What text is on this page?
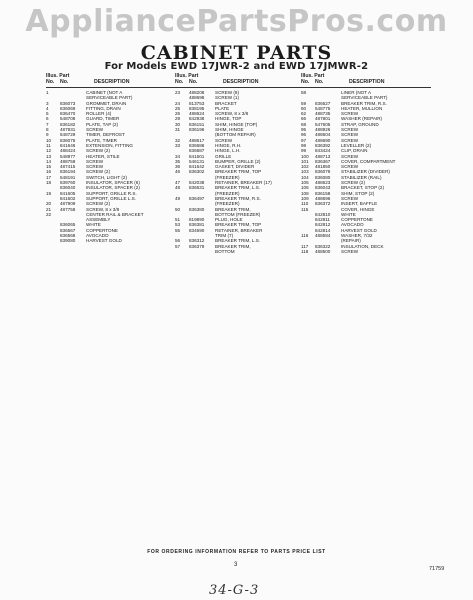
AppliancePartsPros.com
CABINET PARTS
For Models EWD 17JWR-2 and EWD 17JMWR-2
Illus. Part
No. No.	DESCRIPTION
1	CABINET (NOT A
SERVICEABLE PART)
3	836073	GROMMET, DRAIN
4	836069	FITTING, DRAIN
5	836470	ROLLER (4)
6	548708	GUARD, TIMER
7	836182	PLATE, TAP (2)
8	487931	SCREW
9	548729	TIMER, DEFROST
10	836075	PLATE, TIMER
11	841646	EXTENSION, FITTING
12	488424	SCREW (2)
13	548977	HEATER, STILE
14	488759	SCREW
15	487415	SCREW
16	836194	SCREW (2)
17	548191	SWITCH, LIGHT (2)
18	839760	INSULATOR, SPACER (6)
836040	INSULATOR, SPACER (2)
19	841605	SUPPORT, GRILLE R.S.
841602	SUPPORT, GRILLE L.S.
20	487909	SCREW (2)
21	487758	SCREW, 8 x 3/8
22	CENTER RAIL & BRACKET
ASSEMBLY
836065	WHITE
836567	COPPERTONE
836568	AVOCADO
839080	HARVEST GOLD
Illus. Part
No. No.	DESCRIPTION
23	488208	SCREW (8)
488698	SCREW (1)
24	813753	BRACKET
25	838195	PLATE
26	488624	SCREW, 8 x 3/8
29	842938	HINGE, TOP
30	836151	SHIM, HINGE (TOP)
31	836196	SHIM, HINGE
(BOTTOM REPAIR)
32	488617	SCREW
33	836686	HINGE, R.H.
836687	HINGE, L.H.
34	841601	GRILLE
35	546131	BUMPER, GRILLE (2)
36	841642	GASKET, DIVIDER
46	836302	BREAKER TRIM, TOP
(FREEZER)
47	842038	RETAINER, BREAKER (17)
48	836631	BREAKER TRIM, L.S.
(FREEZER)
49	836497	BREAKER TRIM, R.S.
(FREEZER)
50	836380	BREAKER TRIM,
BOTTOM (FREEZER)
51	819890	PLUG, HOLE
53	836381	BREAKER TRIM, TOP
55	834690	RETAINER, BREAKER
TRIM (7)
56	836312	BREAKER TRIM, L.S.
57	836379	BREAKER TRIM,
BOTTOM
Illus. Part
No. No.	DESCRIPTION
58	LINER (NOT A
SERVICEABLE PART)
59	836627	BREAKER TRIM, R.S.
60	548775	HEATER, MULLION
62	488735	SCREW
66	487801	WASHER (REPAIR)
68	547605	STRAP, GROUND
95	488926	SCREW
96	488604	SCREW
97	488690	SCREW
98	836392	LEVELLER (2)
99	843424	CLIP, DRAIN
100	488713	SCREW
101	836367	COVER, COMPARTMENT
102	481850	SCREW
103	836079	STABILIZER (DIVIDER)
104	836080	STABILIZER (RAIL)
105	488623	SCREW (2)
106	836043	BRACKET, STOP (2)
108	836158	SHIM, STOP (2)
109	488696	SCREW
110	836372	INSERT, BAFFLE
115	COVER, HINGE
842810	WHITE
842811	COPPERTONE
842812	AVOCADO
842814	HARVEST GOLD
116	488584	WASHER, 7/32
(REPAIR)
117	836322	INSULATION, DECK
118	488500	SCREW
FOR ORDERING INFORMATION REFER TO PARTS PRICE LIST
3
71759
34-G-3
